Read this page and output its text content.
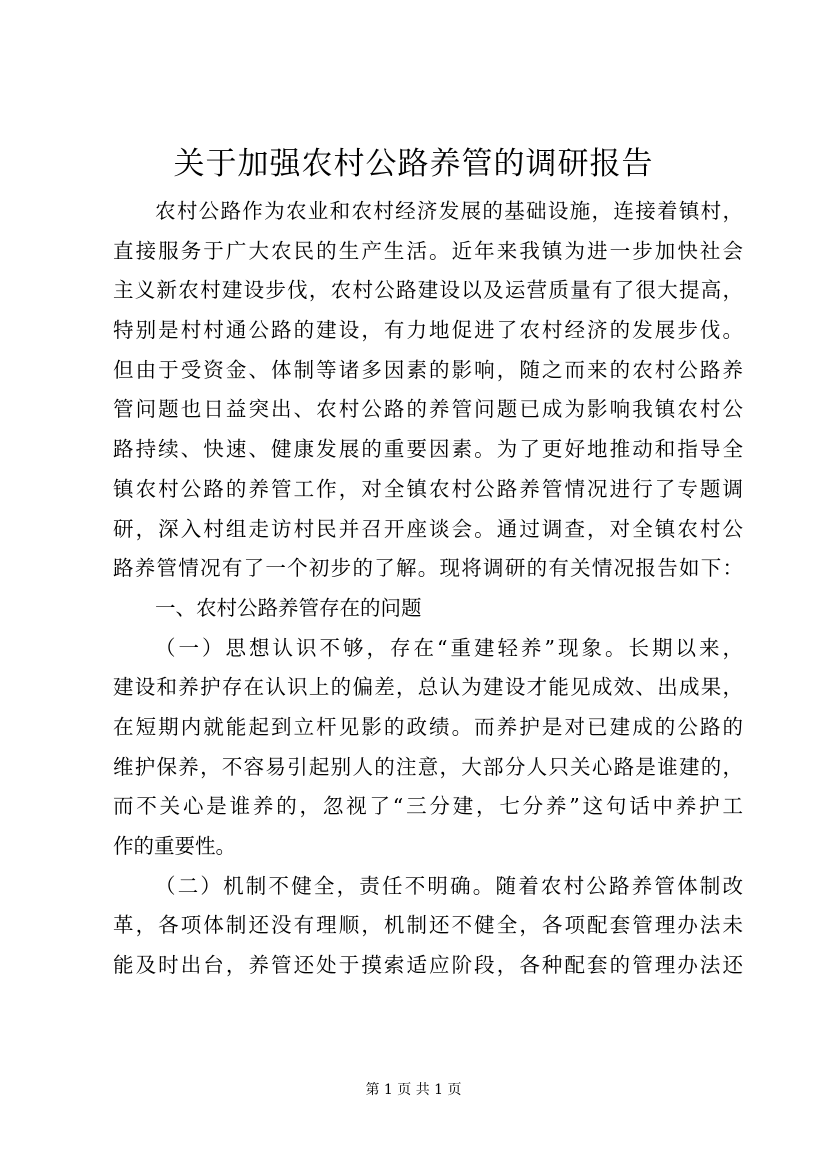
关于加强农村公路养管的调研报告
农村公路作为农业和农村经济发展的基础设施，连接着镇村，
直接服务于广大农民的生产生活。近年来我镇为进一步加快社会
主义新农村建设步伐，农村公路建设以及运营质量有了很大提高，
特别是村村通公路的建设，有力地促进了农村经济的发展步伐。
但由于受资金、体制等诸多因素的影响，随之而来的农村公路养
管问题也日益突出、农村公路的养管问题已成为影响我镇农村公
路持续、快速、健康发展的重要因素。为了更好地推动和指导全
镇农村公路的养管工作，对全镇农村公路养管情况进行了专题调
研，深入村组走访村民并召开座谈会。通过调查，对全镇农村公
路养管情况有了一个初步的了解。现将调研的有关情况报告如下：
一、农村公路养管存在的问题
（一）思想认识不够，存在“重建轻养”现象。长期以来，
建设和养护存在认识上的偏差，总认为建设才能见成效、出成果，
在短期内就能起到立杆见影的政绩。而养护是对已建成的公路的
维护保养，不容易引起别人的注意，大部分人只关心路是谁建的，
而不关心是谁养的，忽视了“三分建，七分养”这句话中养护工
作的重要性。
（二）机制不健全，责任不明确。随着农村公路养管体制改
革，各项体制还没有理顺，机制还不健全，各项配套管理办法未
能及时出台，养管还处于摸索适应阶段，各种配套的管理办法还
第 1 页 共 1 页
